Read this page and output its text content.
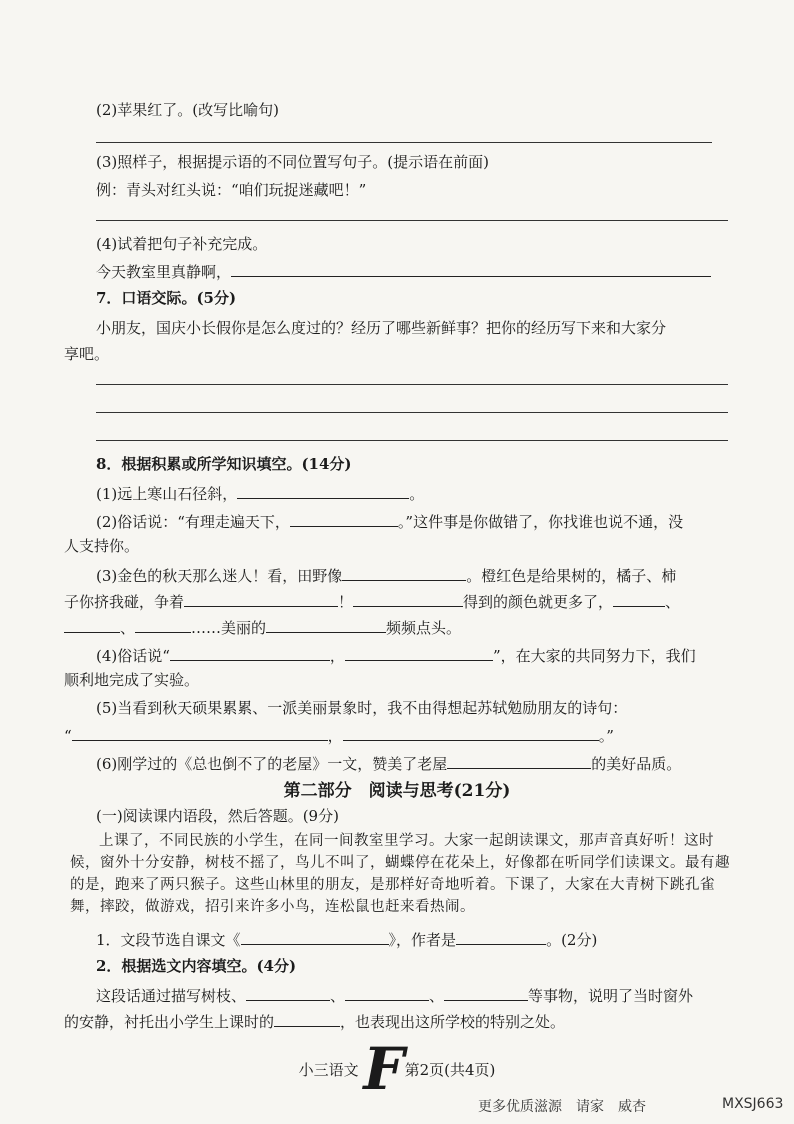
(2)苹果红了。(改写比喻句)
(3)照样子，根据提示语的不同位置写句子。(提示语在前面)
例：青头对红头说：“咱们玩捉迷藏吧！”
(4)试着把句子补充完成。
今天教室里真静啊，
7．口语交际。(5分)
小朋友，国庆小长假你是怎么度过的？经历了哪些新鲜事？把你的经历写下来和大家分
享吧。
8．根据积累或所学知识填空。(14分)
(1)远上寒山石径斜，	。
(2)俗话说：“有理走遍天下，	。”这件事是你做错了，你找谁也说不通，没
人支持你。
(3)金色的秋天那么迷人！看，田野像	。橙红色是给果树的，橘子、柿
子你挤我碰，争着	！	得到的颜色就更多了，	、
、	……美丽的	频频点头。
(4)俗话说“	，	”，在大家的共同努力下，我们
顺利地完成了实验。
(5)当看到秋天硕果累累、一派美丽景象时，我不由得想起苏轼勉励朋友的诗句：
“	，	。”
(6)刚学过的《总也倒不了的老屋》一文，赞美了老屋	的美好品质。
第二部分　阅读与思考(21分)
(一)阅读课内语段，然后答题。(9分)

上课了，不同民族的小学生，在同一间教室里学习。大家一起朗读课文，那声音真好听！这时候，窗外十分安静，树枝不摇了，鸟儿不叫了，蝴蝶停在花朵上，好像都在听同学们读课文。最有趣的是，跑来了两只猴子。这些山林里的朋友，是那样好奇地听着。下课了，大家在大青树下跳孔雀舞，摔跤，做游戏，招引来许多小鸟，连松鼠也赶来看热闹。

1．文段节选自课文《	》，作者是	。(2分)
2．根据选文内容填空。(4分)
这段话通过描写树枝、	、	、	等事物，说明了当时窗外
的安静，衬托出小学生上课时的	，也表现出这所学校的特别之处。
小三语文 F第2页(共4页)
更多优质滋源　请家　威杏	MXSJ663
